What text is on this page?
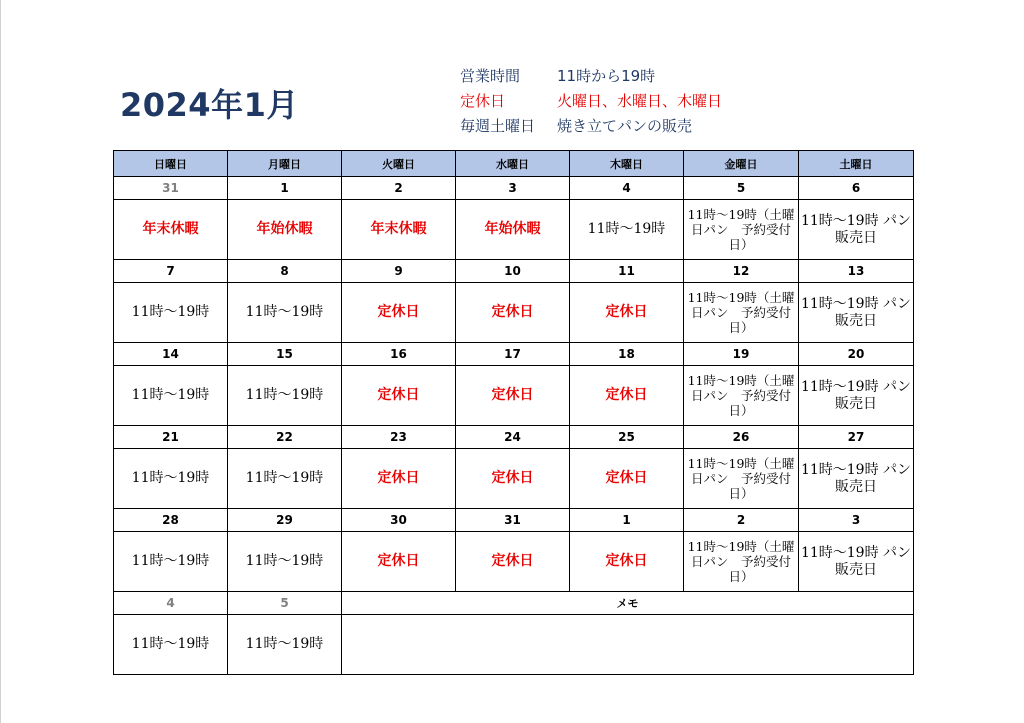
2024年1月
営業時間 11時から19時
定休日	火曜日、水曜日、木曜日
毎週土曜日 焼き立てパンの販売
日曜日	月曜日	火曜日	水曜日	木曜日	金曜日	土曜日
31	1	2	3	4	5	6
年末休暇	年始休暇	年末休暇	年始休暇	11時～19時	11時～19時（土曜日パン　予約受付日）	11時～19時 パン販売日
7	8	9	10	11	12	13
11時～19時	11時～19時	定休日	定休日	定休日	11時～19時（土曜日パン　予約受付日）	11時～19時 パン販売日
14	15	16	17	18	19	20
11時～19時	11時～19時	定休日	定休日	定休日	11時～19時（土曜日パン　予約受付日）	11時～19時 パン販売日
21	22	23	24	25	26	27
11時～19時	11時～19時	定休日	定休日	定休日	11時～19時（土曜日パン　予約受付日）	11時～19時 パン販売日
28	29	30	31	1	2	3
11時～19時	11時～19時	定休日	定休日	定休日	11時～19時（土曜日パン　予約受付日）	11時～19時 パン販売日
4	5	メモ				
11時～19時	11時～19時					
